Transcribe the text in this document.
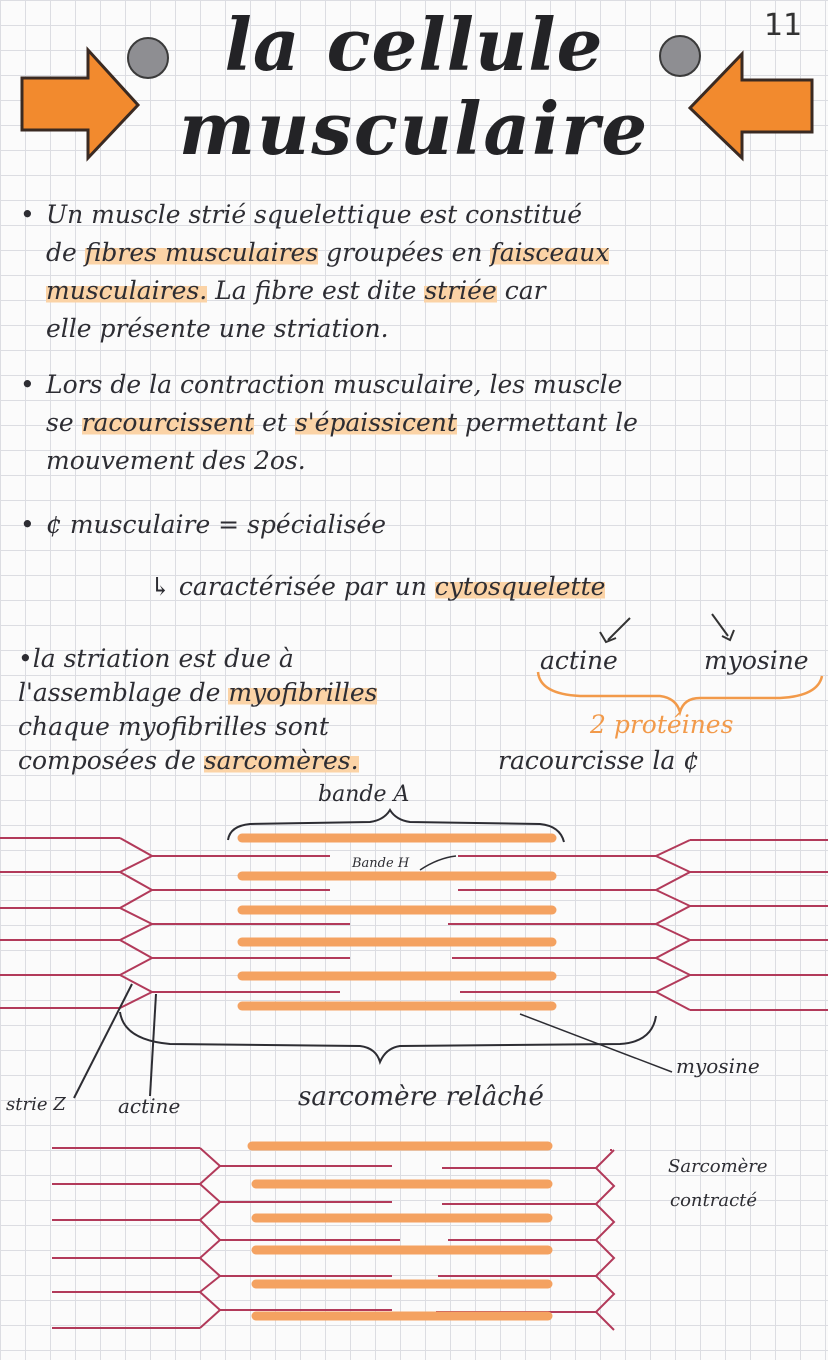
11
la cellule
musculaire
• Un muscle strié squelettique est constitué
de fibres musculaires groupées en faisceaux
musculaires. La fibre est dite striée car
elle présente une striation.
• Lors de la contraction musculaire, les muscle
se racourcissent et s'épaissicent permettant le
mouvement des 2os.
• ¢ musculaire = spécialisée
↳ caractérisée par un cytosquelette
•la striation est due à
l'assemblage de myofibrilles
chaque myofibrilles sont
composées de sarcomères.
actine	myosine
2 protéines
racourcisse la ¢
bande A
Bande H
strie Z	actine
myosine
sarcomère relâché
Sarcomère
contracté
